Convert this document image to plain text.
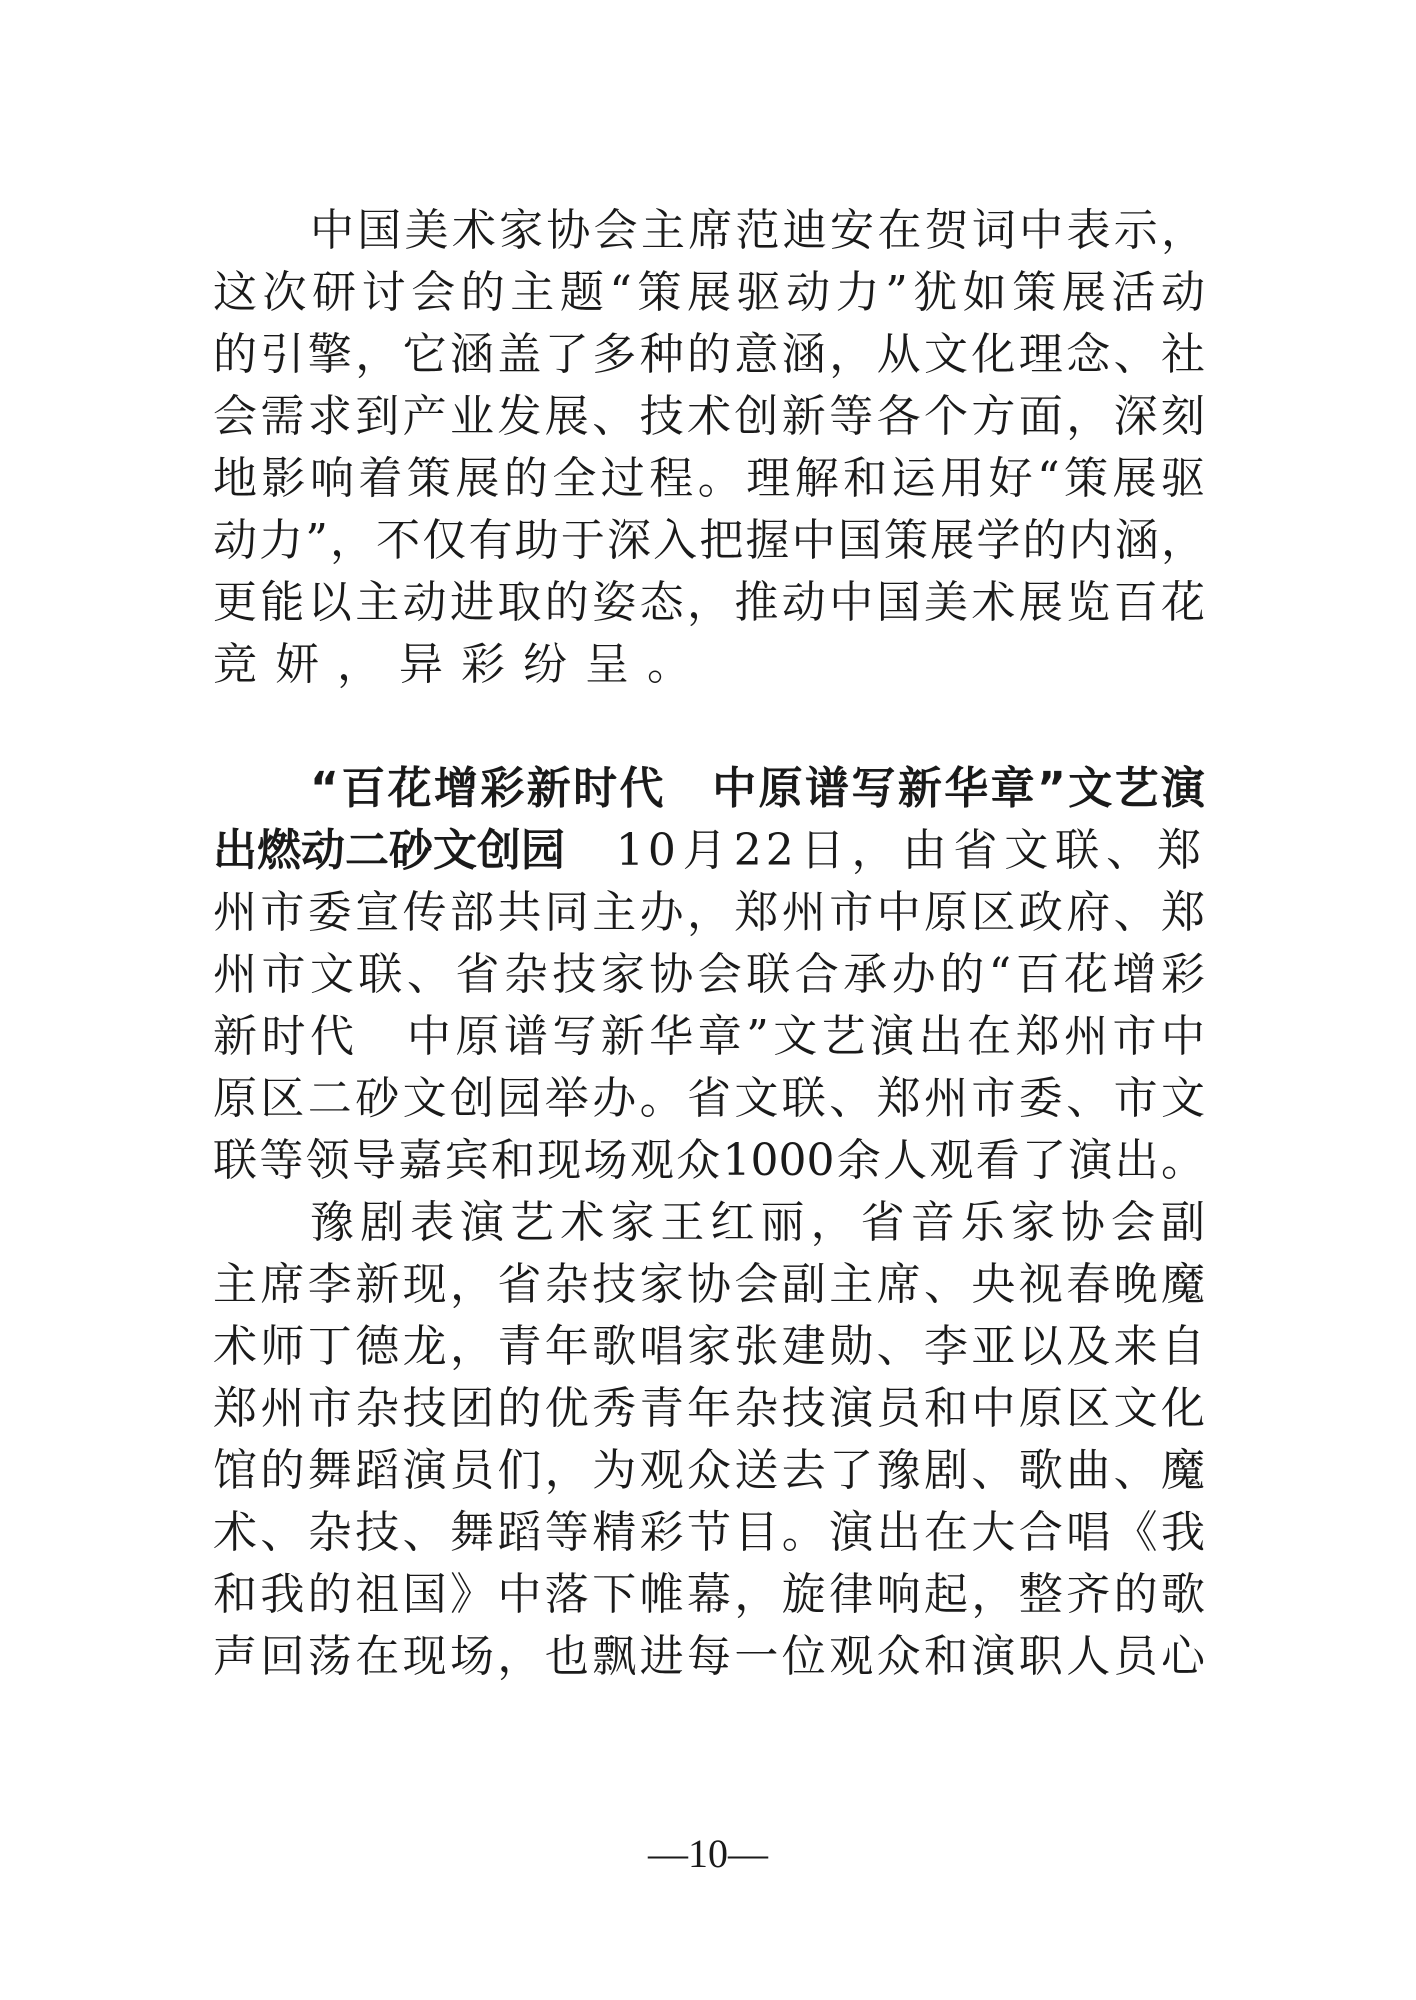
中国美术家协会主席范迪安在贺词中表示，
这次研讨会的主题“策展驱动力”犹如策展活动
的引擎，它涵盖了多种的意涵，从文化理念、社
会需求到产业发展、技术创新等各个方面，深刻
地影响着策展的全过程。理解和运用好“策展驱
动力”，不仅有助于深入把握中国策展学的内涵，
更能以主动进取的姿态，推动中国美术展览百花
竞妍，异彩纷呈。
“百花增彩新时代　中原谱写新华章”文艺演
出燃动二砂文创园 　10月22日，由省文联、郑
州市委宣传部共同主办，郑州市中原区政府、郑
州市文联、省杂技家协会联合承办的“百花增彩
新时代　中原谱写新华章”文艺演出在郑州市中
原区二砂文创园举办。省文联、郑州市委、市文
联等领导嘉宾和现场观众1000余人观看了演出。
豫剧表演艺术家王红丽，省音乐家协会副
主席李新现，省杂技家协会副主席、央视春晚魔
术师丁德龙，青年歌唱家张建勋、李亚以及来自
郑州市杂技团的优秀青年杂技演员和中原区文化
馆的舞蹈演员们，为观众送去了豫剧、歌曲、魔
术、杂技、舞蹈等精彩节目。演出在大合唱《我
和我的祖国》中落下帷幕，旋律响起，整齐的歌
声回荡在现场，也飘进每一位观众和演职人员心
—10—
